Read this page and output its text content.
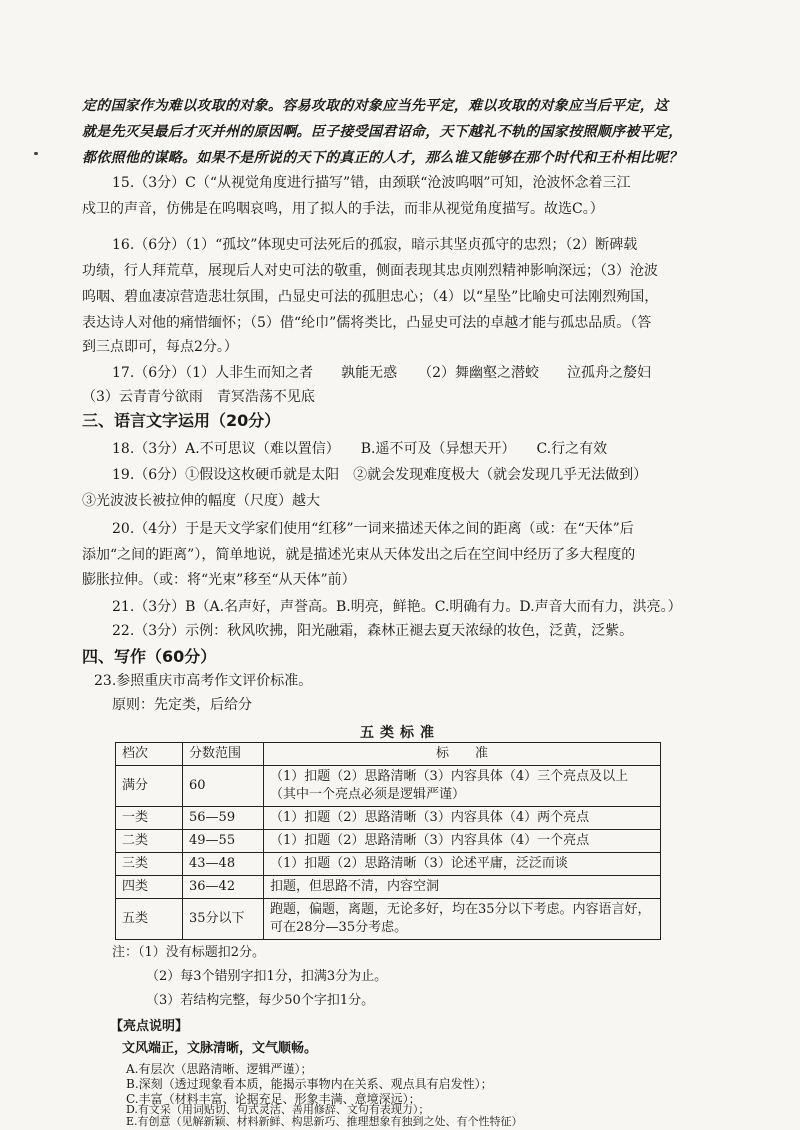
定的国家作为难以攻取的对象。容易攻取的对象应当先平定，难以攻取的对象应当后平定，这
就是先灭吴最后才灭并州的原因啊。臣子接受国君诏命，天下越礼不轨的国家按照顺序被平定，
都依照他的谋略。如果不是所说的天下的真正的人才，那么谁又能够在那个时代和王朴相比呢？
15.（3分）C（“从视觉角度进行描写”错，由颈联“沧波呜咽”可知，沧波怀念着三江
戍卫的声音，仿佛是在呜咽哀鸣，用了拟人的手法，而非从视觉角度描写。故选C。）
16.（6分）（1）“孤坟”体现史可法死后的孤寂，暗示其坚贞孤守的忠烈；（2）断碑载
功绩，行人拜荒草，展现后人对史可法的敬重，侧面表现其忠贞刚烈精神影响深远；（3）沧波
呜咽、碧血凄凉营造悲壮氛围，凸显史可法的孤胆忠心；（4）以“星坠”比喻史可法刚烈殉国，
表达诗人对他的痛惜缅怀；（5）借“纶巾”儒将类比，凸显史可法的卓越才能与孤忠品质。（答
到三点即可，每点2分。）
17.（6分）（1）人非生而知之者　　孰能无惑　　（2）舞幽壑之潜蛟　　泣孤舟之嫠妇
（3）云青青兮欲雨　青冥浩荡不见底
三、语言文字运用（20分）
18.（3分）A.不可思议（难以置信）　　B.遥不可及（异想天开）　　C.行之有效
19.（6分）①假设这枚硬币就是太阳　②就会发现难度极大（就会发现几乎无法做到）
③光波波长被拉伸的幅度（尺度）越大
20.（4分）于是天文学家们使用“红移”一词来描述天体之间的距离（或：在“天体”后
添加“之间的距离”），简单地说，就是描述光束从天体发出之后在空间中经历了多大程度的
膨胀拉伸。（或：将“光束”移至“从天体”前）
21.（3分）B（A.名声好，声誉高。B.明亮，鲜艳。C.明确有力。D.声音大而有力，洪亮。）
22.（3分）示例：秋风吹拂，阳光融霜，森林正褪去夏天浓绿的妆色，泛黄，泛紫。
四、写作（60分）
23.参照重庆市高考作文评价标准。
原则：先定类，后给分
五类标准
档次	分数范围	标　　准
满分	60	（1）扣题（2）思路清晰（3）内容具体（4）三个亮点及以上（其中一个亮点必须是逻辑严谨）
一类	56—59	（1）扣题（2）思路清晰（3）内容具体（4）两个亮点
二类	49—55	（1）扣题（2）思路清晰（3）内容具体（4）一个亮点
三类	43—48	（1）扣题（2）思路清晰（3）论述平庸，泛泛而谈
四类	36—42	扣题，但思路不清，内容空洞
五类	35分以下	跑题，偏题，离题，无论多好，均在35分以下考虑。内容语言好，可在28分—35分考虑。
注：（1）没有标题扣2分。
（2）每3个错别字扣1分，扣满3分为止。
（3）若结构完整，每少50个字扣1分。
【亮点说明】
文风端正，文脉清晰，文气顺畅。
A.有层次（思路清晰、逻辑严谨）；
B.深刻（透过现象看本质，能揭示事物内在关系、观点具有启发性）；
C.丰富（材料丰富、论据充足、形象丰满、意境深远）；
D.有文采（用词贴切、句式灵活、善用修辞、文句有表现力）；
E.有创意（见解新颖、材料新鲜、构思新巧、推理想象有独到之处、有个性特征）
